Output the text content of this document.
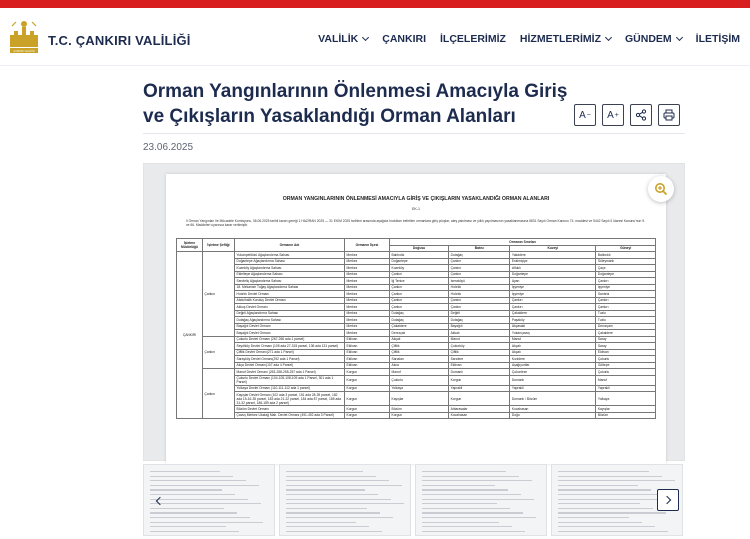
ÇANKIRI VALİLİĞİ
T.C. ÇANKIRI VALİLİĞİ	VALİLİK ÇANKIRI İLÇELERİMİZ HİZMETLERİMİZ GÜNDEM İLETİŞİM
Orman Yangınlarının Önlenmesi Amacıyla Giriş ve Çıkışların Yasaklandığı Orman Alanları	A − A +
23.06.2025
ORMAN YANGINLARININ ÖNLENMESİ AMACIYLA GİRİŞ VE ÇIKIŞLARIN YASAKLANDIĞI ORMAN ALANLARI
EK-1
Il Orman Yangınları Ile Mücadele Komisyonu, 06.06.2025 tarihli kararı gereği 1 HAZİRAN 2025 — 31 EKİM 2025 tarihleri arasında aşağıda hudutları belirtilen ormanlara giriş çıkışlar, ateş yakılması ve yıllık yapılmasının yasaklanmasına 6831 Sayılı Orman Kanunu 74. maddesi ve 5442 Sayılı İl İdaresi Kanunu'nun 9. ve 66. Maddeleri uyarınca karar verilmiştir.
İşletme Müdürlüğü	İşletme Şefliği	Ormanın Adı	Ormanın İlçesi	Ormanın Sınırları			
				Doğusu	Batısı	Kuzeyi	Güneyi
ÇANKIRI	Çankırı	Yukarıpelitözü Ağaçlandırma Sahası	Merkez	Balıbıdık	Dutağaç	Yakadere	Balıbıdık
		Doğantepe Ağaçlandırma Sahası	Merkez	Doğantepe	Çankırı	Eskimiçiye	Süleymanlı
		Kuzeköy Ağaçlandırma Sahası	Merkez	Kuzeköy	Çankırı	Alfuklı	Çaçe
		Eldeltepe Ağaçlandırma Sahası	Merkez	Çankırı	Çankırı	Doğantepe	Doğantepe
		Sendeliç Ağaçlandırma Sahası	Merkez	İğ Tenice	Iseraköyü	Ayan	Çankırı
		18. Mekanize Tuğay Ağaçlandırma Sahası	Merkez	Çankırı	Hıdırlık	İşyeniye	İşyeniye
		Hıdırlık Devlet Ormanı	Merkez	Çankırı	Hıdırlık	İşyeniye	Santıria
		Abdulhalik Kuruluş Devlet Ormanı	Merkez	Çankırı	Çankırı	Çankırı	Çankırı
		Akkuş Devlet Ormanı	Merkez	Çankırı	Çankırı	Çankırı	Çankırı
		Değirli Ağaçlandırma Sahası	Merkez	Dutağaç	Değirli	Çakaldere	Tuzlu
		Dutağaç Ağaçlandırma Sahası	Merkez	Dutağaç	Dutağaç	Paşaköy	Tuzlu
		Bayağılı Devlet Ormanı	Merkez	Çakaldere	Bayağılı	Akçasaki	Denızçam
		Bayağılı Devlet Ormanı	Merkez	Denızçalı	Akkalı	Yukarıçavuş	Çakaldere
	Çankırı	Çukurlu Devlet Ormanı (267-266 ada 1 parsel)	Eldivan	Akçalı	Manut	Manut	Saray
		Seydiköy Devlet Ormanı (105 ada 27-315 parsel, 136 ada 131 parsel)	Eldivan	Çiftlik	Çukurköy	Akçalı	Saray
		Çiftlik Devlet Ormanı(271 ada 1 Parsel)	Eldivan	Çiftlik	Çiftlik	Akçalı	Eldivan
		Sarayköy Devlet Ormanı(292 ada 1 Parsel)	Eldivan	Sarıalan	Sarıdere	Kızıldere	Çukurlu
		Akça Devlet Ormanı(107 ada 4 Parsel)	Eldivan	Akca	Eldivan	Aşağıyurtlar	Göltepe
	Çankırı	Manuf Devlet Ormanı (253-258-255-257 ada 1 Parsel)	Korgun	Manuf	Dumanlı	Çukurören	Çukurlu
		Çukurlu Devlet Ormanı (104-105-108-109 ada 1 Parsel, 301 ada 1 Parsel)	Korgun	Çukurlu	Korgun	Dumanlı	Manuf
		Yolkaya Devlet Ormanı (110-111-112 ada 1 parsel)	Korgun	Yolkaya	Yaprakli	Yaprakli	Yaprakli
		Kayışlar Devlet Ormanı (102 ada 3 parsel, 151 ada 28-39 parsel, 182 ada 15-16-35 parsel, 183 ada 21-22 parsel, 184 ada 87 parsel, 185 ada 31-32 parsel, 186-189 ada 2 parsel)	Korgun	Kayışlar	Korgun	Dumanlı / Bözüm	Yolkaya
		Bözüm Devlet Ormanı	Korgun	Bözüm	Ahtarasalar	Kocahasan	Kayışlar
		Çavuş Merkez Uludağ Mah. Devlet Ormanı (491-492 ada 3 Parsel)	Korgun	Korgun	Kocahasan	Doğu	Bözüm
